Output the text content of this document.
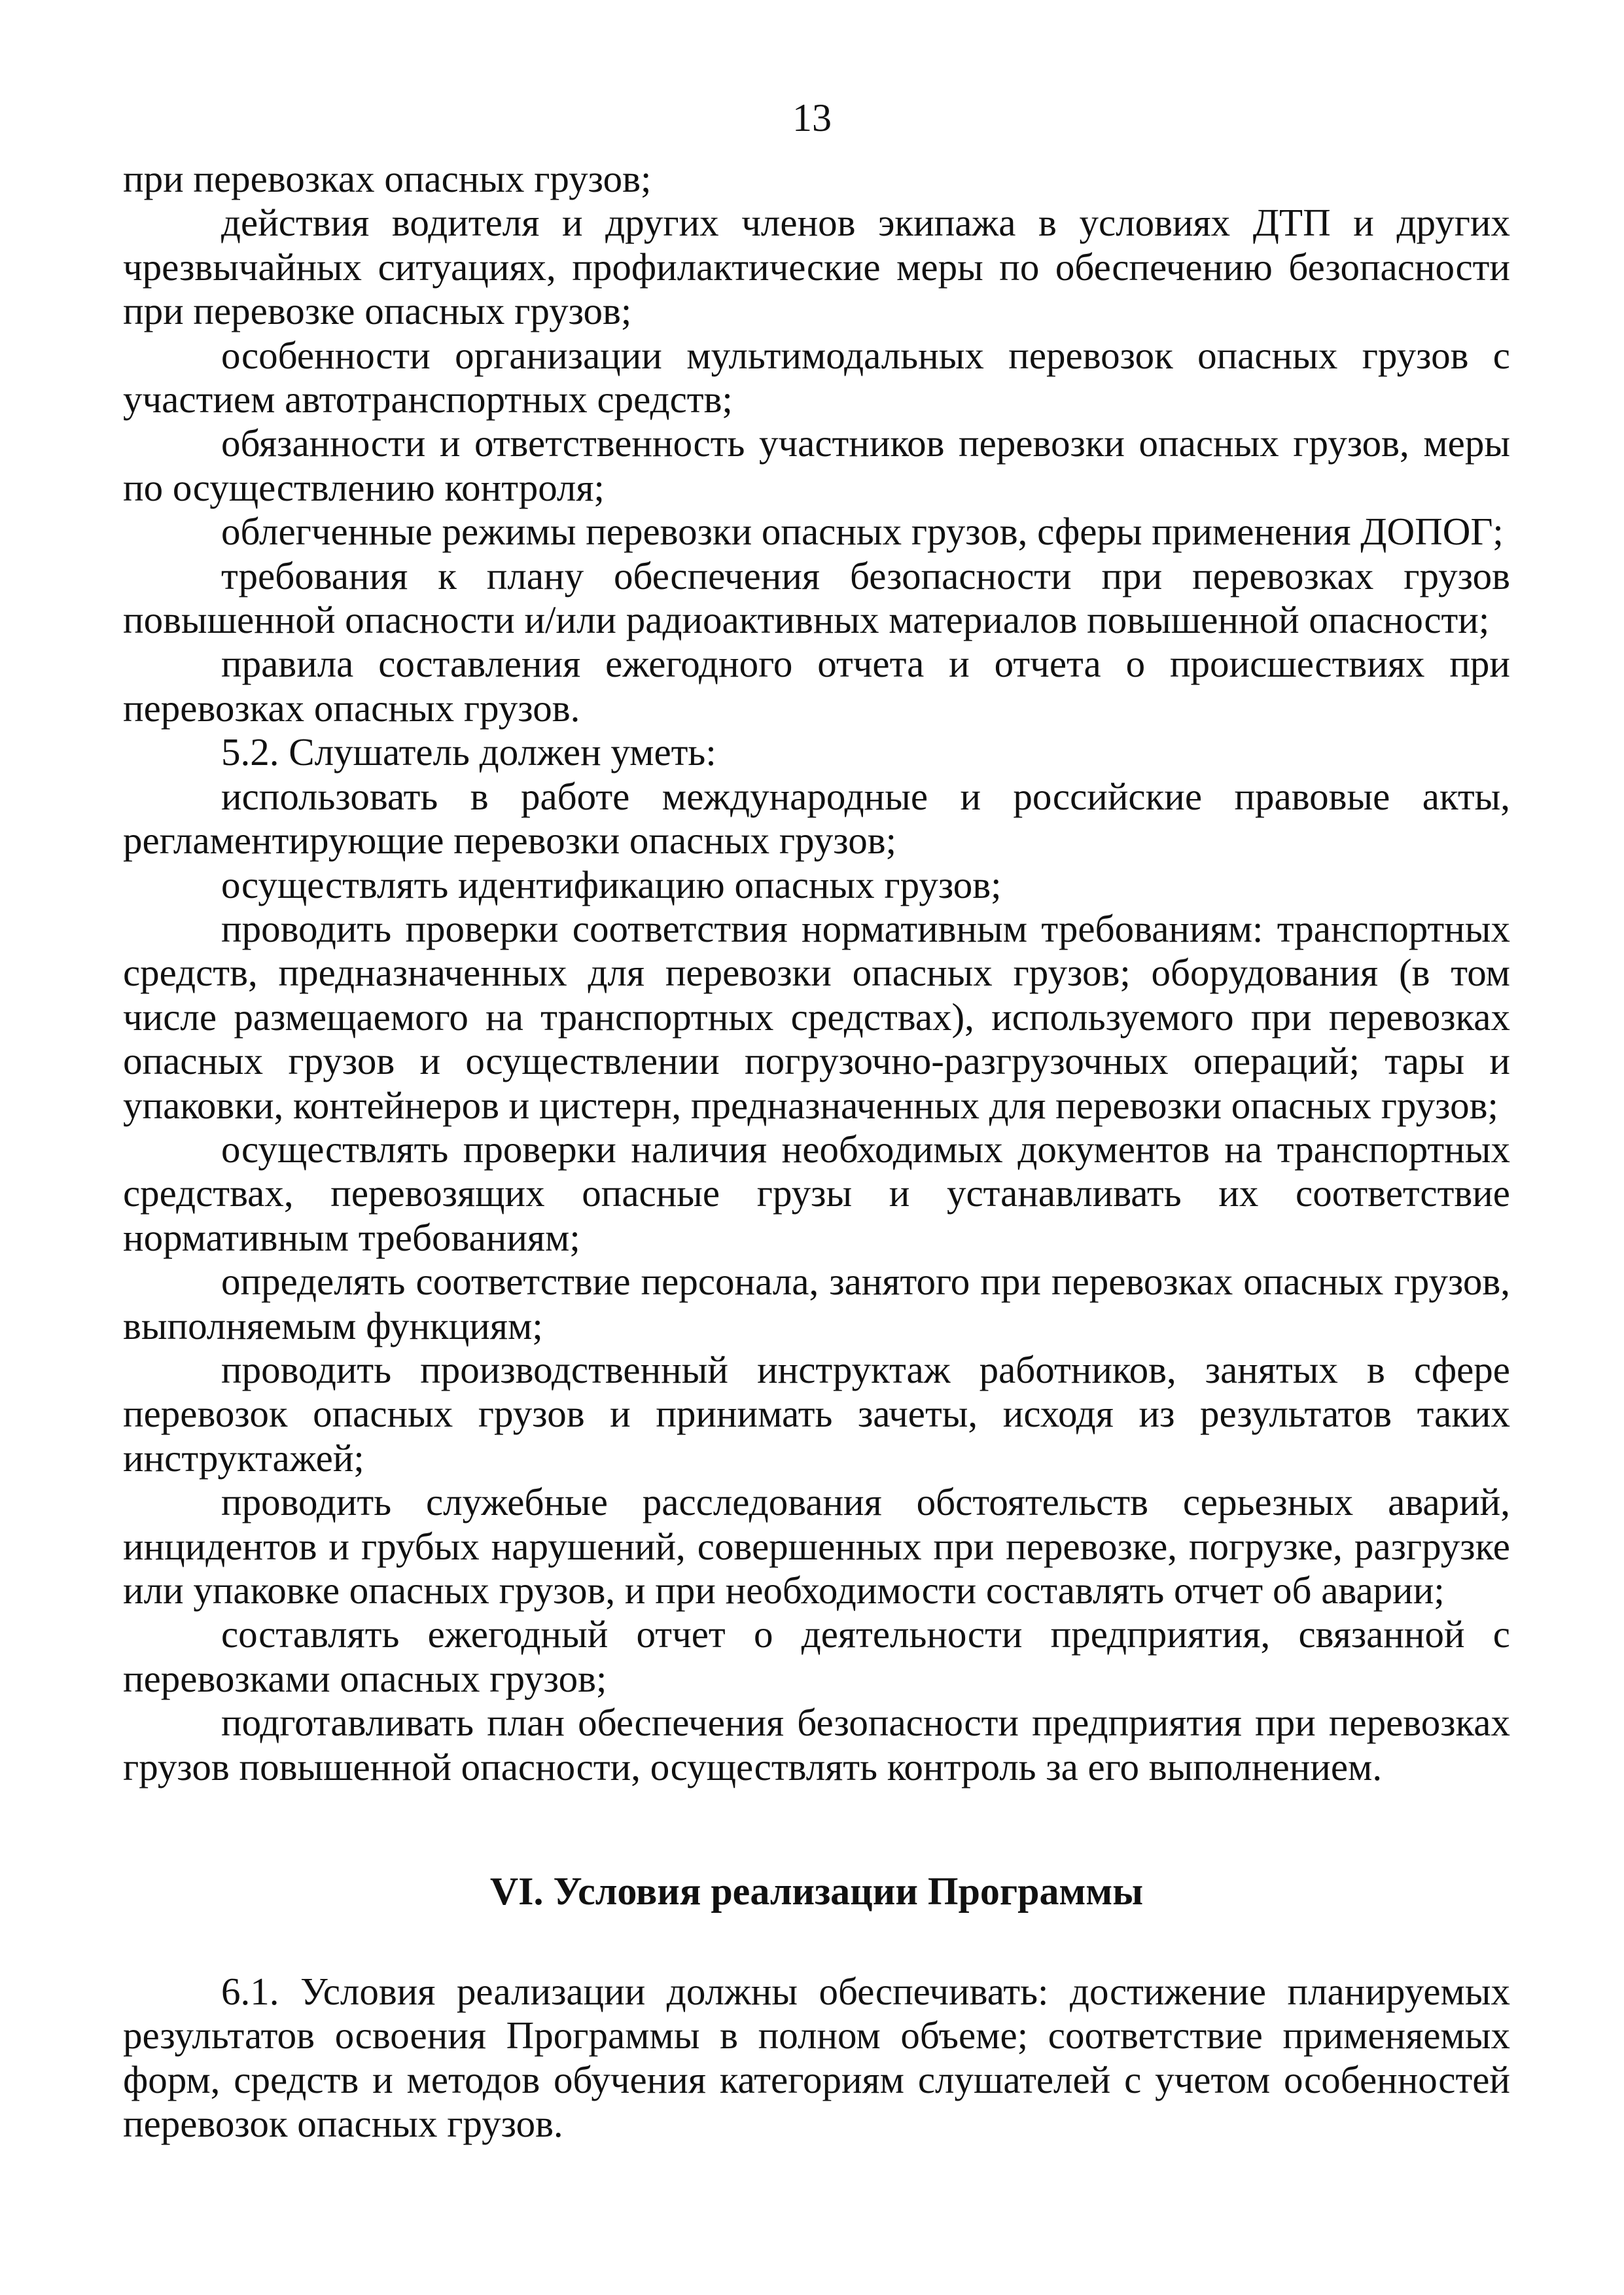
13

при перевозках опасных грузов;

действия водителя и других членов экипажа в условиях ДТП и других чрезвычайных ситуациях, профилактические меры по обеспечению безопасности при перевозке опасных грузов;

особенности организации мультимодальных перевозок опасных грузов с участием автотранспортных средств;

обязанности и ответственность участников перевозки опасных грузов, меры по осуществлению контроля;

облегченные режимы перевозки опасных грузов, сферы применения ДОПОГ;

требования к плану обеспечения безопасности при перевозках грузов повышенной опасности и/или радиоактивных материалов повышенной опасности;

правила составления ежегодного отчета и отчета о происшествиях при перевозках опасных грузов.

5.2. Слушатель должен уметь:

использовать в работе международные и российские правовые акты, регламентирующие перевозки опасных грузов;

осуществлять идентификацию опасных грузов;

проводить проверки соответствия нормативным требованиям: транспортных средств, предназначенных для перевозки опасных грузов; оборудования (в том числе размещаемого на транспортных средствах), используемого при перевозках опасных грузов и осуществлении погрузочно-разгрузочных операций; тары и упаковки, контейнеров и цистерн, предназначенных для перевозки опасных грузов;

осуществлять проверки наличия необходимых документов на транспортных средствах, перевозящих опасные грузы и устанавливать их соответствие нормативным требованиям;

определять соответствие персонала, занятого при перевозках опасных грузов, выполняемым функциям;

проводить производственный инструктаж работников, занятых в сфере перевозок опасных грузов и принимать зачеты, исходя из результатов таких инструктажей;

проводить служебные расследования обстоятельств серьезных аварий, инцидентов и грубых нарушений, совершенных при перевозке, погрузке, разгрузке или упаковке опасных грузов, и при необходимости составлять отчет об аварии;

составлять ежегодный отчет о деятельности предприятия, связанной с перевозками опасных грузов;

подготавливать план обеспечения безопасности предприятия при перевозках грузов повышенной опасности, осуществлять контроль за его выполнением.

VI. Условия реализации Программы

6.1. Условия реализации должны обеспечивать: достижение планируемых результатов освоения Программы в полном объеме; соответствие применяемых форм, средств и методов обучения категориям слушателей с учетом особенностей перевозок опасных грузов.
